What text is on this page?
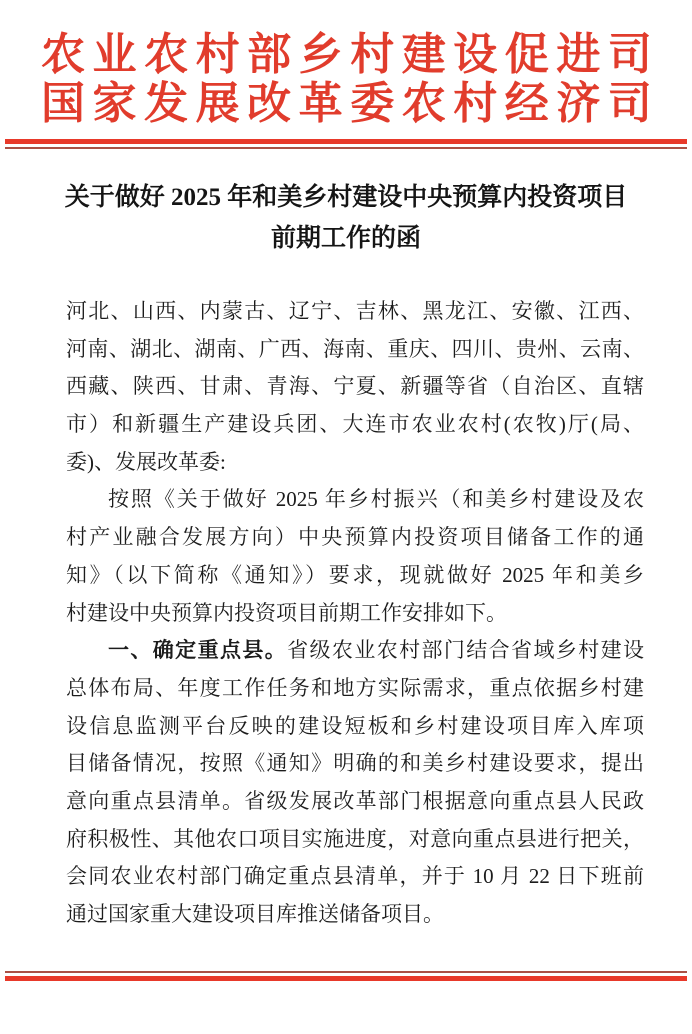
农 业 农 村 部 乡 村 建 设 促 进 司
国 家 发 展 改 革 委 农 村 经 济 司
关于做好 2025 年和美乡村建设中央预算内投资项目
前期工作的函
河北、山西、内蒙古、辽宁、吉林、黑龙江、安徽、江西、
河南、湖北、湖南、广西、海南、重庆、四川、贵州、云南、
西藏、陕西、甘肃、青海、宁夏、新疆等省（自治区、直辖
市）和新疆生产建设兵团、大连市农业农村(农牧)厅(局、
委)、发展改革委:
按照《关于做好 2025 年乡村振兴（和美乡村建设及农
村产业融合发展方向）中央预算内投资项目储备工作的通
知》（以下简称《通知》）要求，现就做好 2025 年和美乡
村建设中央预算内投资项目前期工作安排如下。
一、确定重点县。省级农业农村部门结合省域乡村建设
总体布局、年度工作任务和地方实际需求，重点依据乡村建
设信息监测平台反映的建设短板和乡村建设项目库入库项
目储备情况，按照《通知》明确的和美乡村建设要求，提出
意向重点县清单。省级发展改革部门根据意向重点县人民政
府积极性、其他农口项目实施进度，对意向重点县进行把关，
会同农业农村部门确定重点县清单，并于 10 月 22 日下班前
通过国家重大建设项目库推送储备项目。
